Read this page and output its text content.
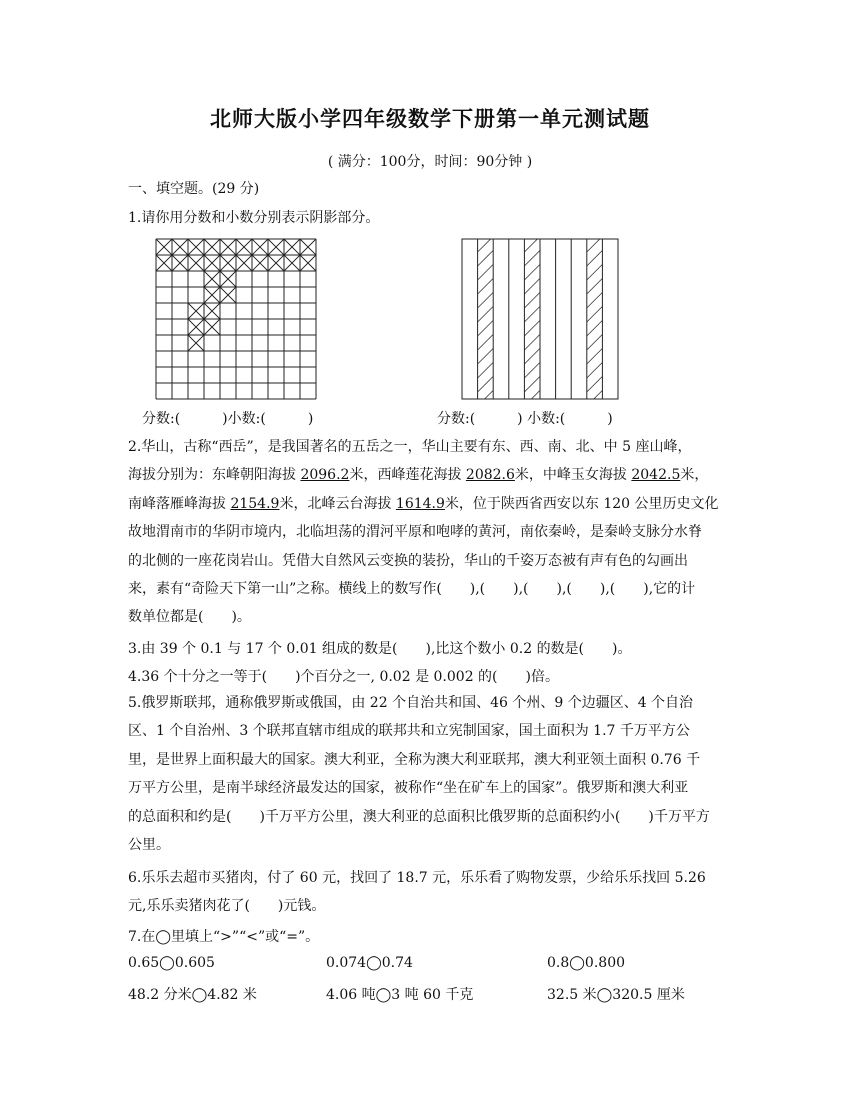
北师大版小学四年级数学下册第一单元测试题
( 满分：100分，时间：90分钟 )
一、填空题。(29 分)
1.请你用分数和小数分别表示阴影部分。
分数:(　　　)小数:(　　　)	分数:(　　　) 小数:(　　　)
2.华山，古称“西岳”，是我国著名的五岳之一，华山主要有东、西、南、北、中 5 座山峰，
海拔分别为：东峰朝阳海拔 2096.2米，西峰莲花海拔 2082.6米，中峰玉女海拔 2042.5米，
南峰落雁峰海拔 2154.9米，北峰云台海拔 1614.9米，位于陕西省西安以东 120 公里历史文化
故地渭南市的华阴市境内，北临坦荡的渭河平原和咆哮的黄河，南依秦岭，是秦岭支脉分水脊
的北侧的一座花岗岩山。凭借大自然风云变换的装扮，华山的千姿万态被有声有色的勾画出
来，素有“奇险天下第一山”之称。横线上的数写作(　　),(　　),(　　),(　　),(　　),它的计
数单位都是(　　)。
3.由 39 个 0.1 与 17 个 0.01 组成的数是(　　),比这个数小 0.2 的数是(　　)。
4.36 个十分之一等于(　　)个百分之一, 0.02 是 0.002 的(　　)倍。
5.俄罗斯联邦，通称俄罗斯或俄国，由 22 个自治共和国、46 个州、9 个边疆区、4 个自治
区、1 个自治州、3 个联邦直辖市组成的联邦共和立宪制国家，国土面积为 1.7 千万平方公
里，是世界上面积最大的国家。澳大利亚，全称为澳大利亚联邦，澳大利亚领土面积 0.76 千
万平方公里，是南半球经济最发达的国家，被称作“坐在矿车上的国家”。俄罗斯和澳大利亚
的总面积和约是(　　)千万平方公里，澳大利亚的总面积比俄罗斯的总面积约小(　　)千万平方
公里。
6.乐乐去超市买猪肉，付了 60 元，找回了 18.7 元，乐乐看了购物发票，少给乐乐找回 5.26
元,乐乐卖猪肉花了(　　)元钱。
7.在◯里填上“>”“<”或“=”。
0.65◯0.605	0.074◯0.74	0.8◯0.800
48.2 分米◯4.82 米	4.06 吨◯3 吨 60 千克	32.5 米◯320.5 厘米
